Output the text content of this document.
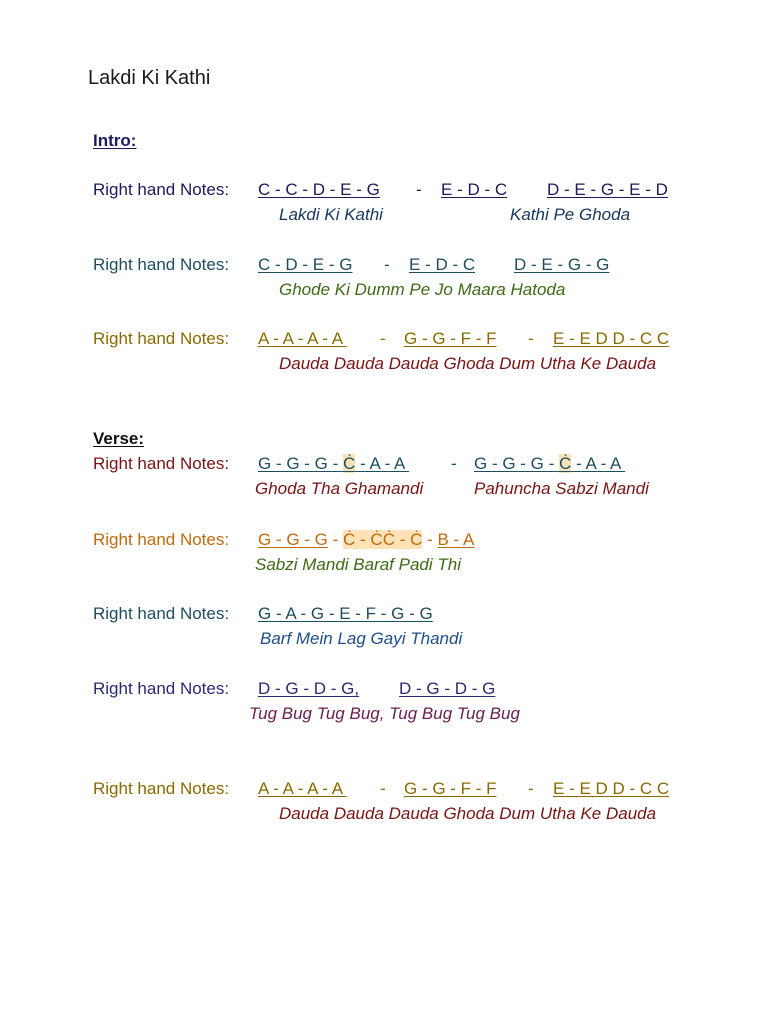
Lakdi Ki Kathi
Intro:
Right hand Notes: C - C - D - E - G - E - D - C D - E - G - E - D
Lakdi Ki Kathi	Kathi Pe Ghoda
Right hand Notes: C - D - E - G - E - D - C D - E - G - G
Ghode Ki Dumm Pe Jo Maara Hatoda
Right hand Notes: A - A - A - A - G - G - F - F - E - E D D - C C
Dauda Dauda Dauda Ghoda Dum Utha Ke Dauda
Verse:
Right hand Notes: G - G - G - Ċ - A - A - G - G - G - Ċ - A - A
Ghoda Tha Ghamandi	Pahuncha Sabzi Mandi
Right hand Notes: G - G - G - Ċ - ĊĊ - Ċ - B - A
Sabzi Mandi Baraf Padi Thi
Right hand Notes: G - A - G - E - F - G - G
Barf Mein Lag Gayi Thandi
Right hand Notes: D - G - D - G, D - G - D - G
Tug Bug Tug Bug, Tug Bug Tug Bug
Right hand Notes: A - A - A - A - G - G - F - F - E - E D D - C C
Dauda Dauda Dauda Ghoda Dum Utha Ke Dauda
